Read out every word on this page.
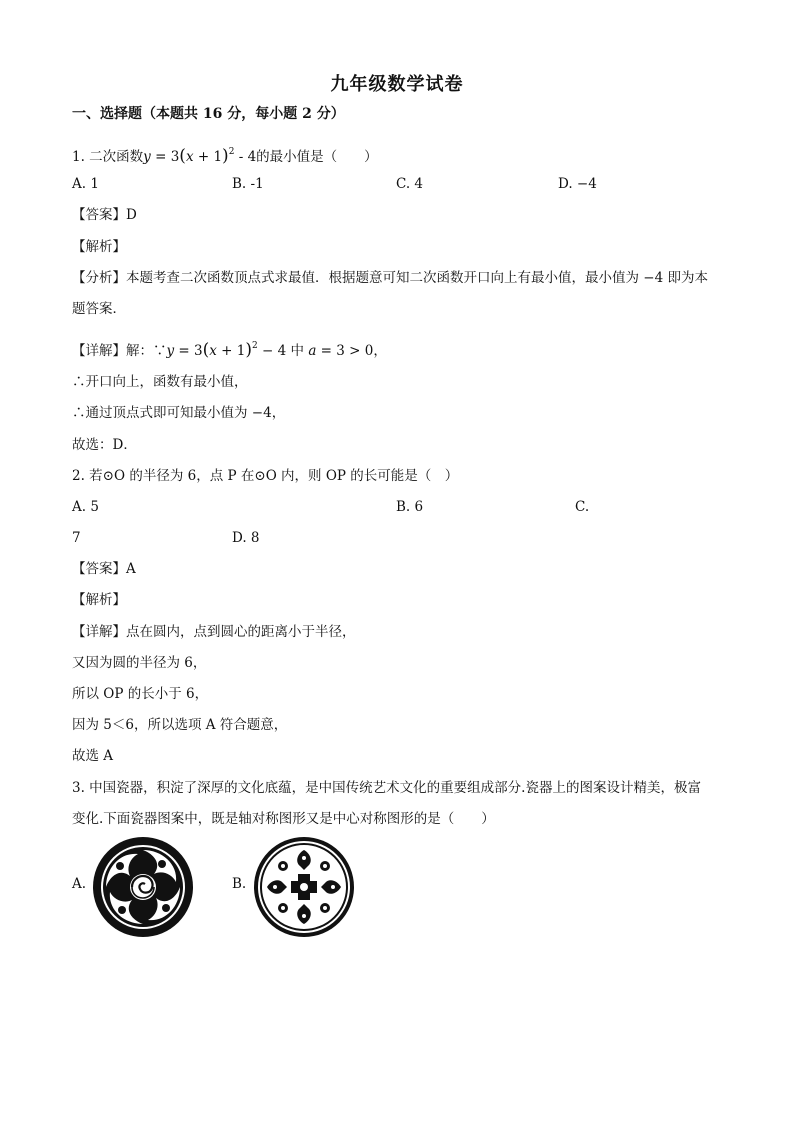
九年级数学试卷
一、选择题（本题共 16 分，每小题 2 分）
1. 二次函数$y = 3(x + 1)^2 - 4$的最小值是（　　）
A. 1	B. -1	C. 4	D. −4
【答案】D
【解析】
【分析】本题考查二次函数顶点式求最值．根据题意可知二次函数开口向上有最小值，最小值为 −4 即为本
题答案．
【详解】解：∵y = $3(x + 1)^2 - 4$ 中 a = 3 > 0，
∴开口向上，函数有最小值，
∴通过顶点式即可知最小值为 −4，
故选：D．
2. 若⊙O 的半径为 6，点 P 在⊙O 内，则 OP 的长可能是（　）
A. 5	B. 6	C.
7	D. 8
【答案】A
【解析】
【详解】点在圆内，点到圆心的距离小于半径，
又因为圆的半径为 6，
所以 OP 的长小于 6，
因为 5＜6，所以选项 A 符合题意，
故选 A
3. 中国瓷器，积淀了深厚的文化底蕴，是中国传统艺术文化的重要组成部分.瓷器上的图案设计精美，极富
变化.下面瓷器图案中，既是轴对称图形又是中心对称图形的是（　　）
A.	B.
